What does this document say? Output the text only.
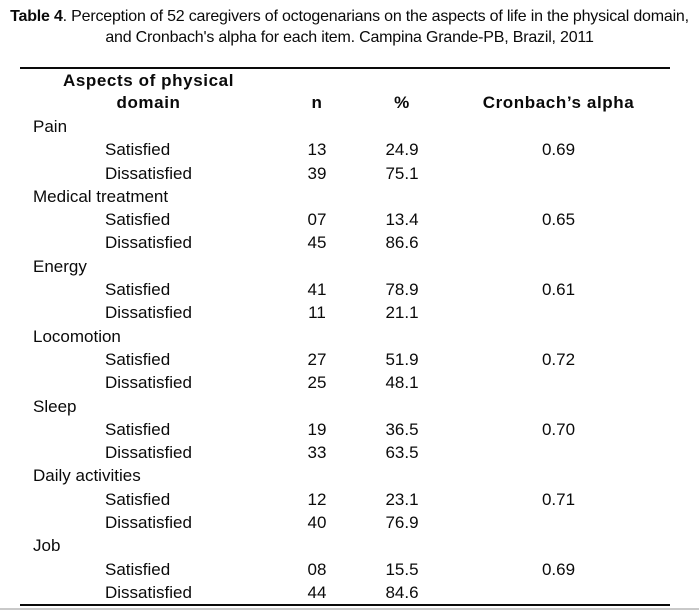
Table 4. Perception of 52 caregivers of octogenarians on the aspects of life in the physical domain,
and Cronbach's alpha for each item. Campina Grande-PB, Brazil, 2011
Aspects of physical
domain	n	%	Cronbach’s alpha
Pain
Satisfied	13	24.9	0.69
Dissatisfied	39	75.1
Medical treatment
Satisfied	07	13.4	0.65
Dissatisfied	45	86.6
Energy
Satisfied	41	78.9	0.61
Dissatisfied	11	21.1
Locomotion
Satisfied	27	51.9	0.72
Dissatisfied	25	48.1
Sleep
Satisfied	19	36.5	0.70
Dissatisfied	33	63.5
Daily activities
Satisfied	12	23.1	0.71
Dissatisfied	40	76.9
Job
Satisfied	08	15.5	0.69
Dissatisfied	44	84.6
